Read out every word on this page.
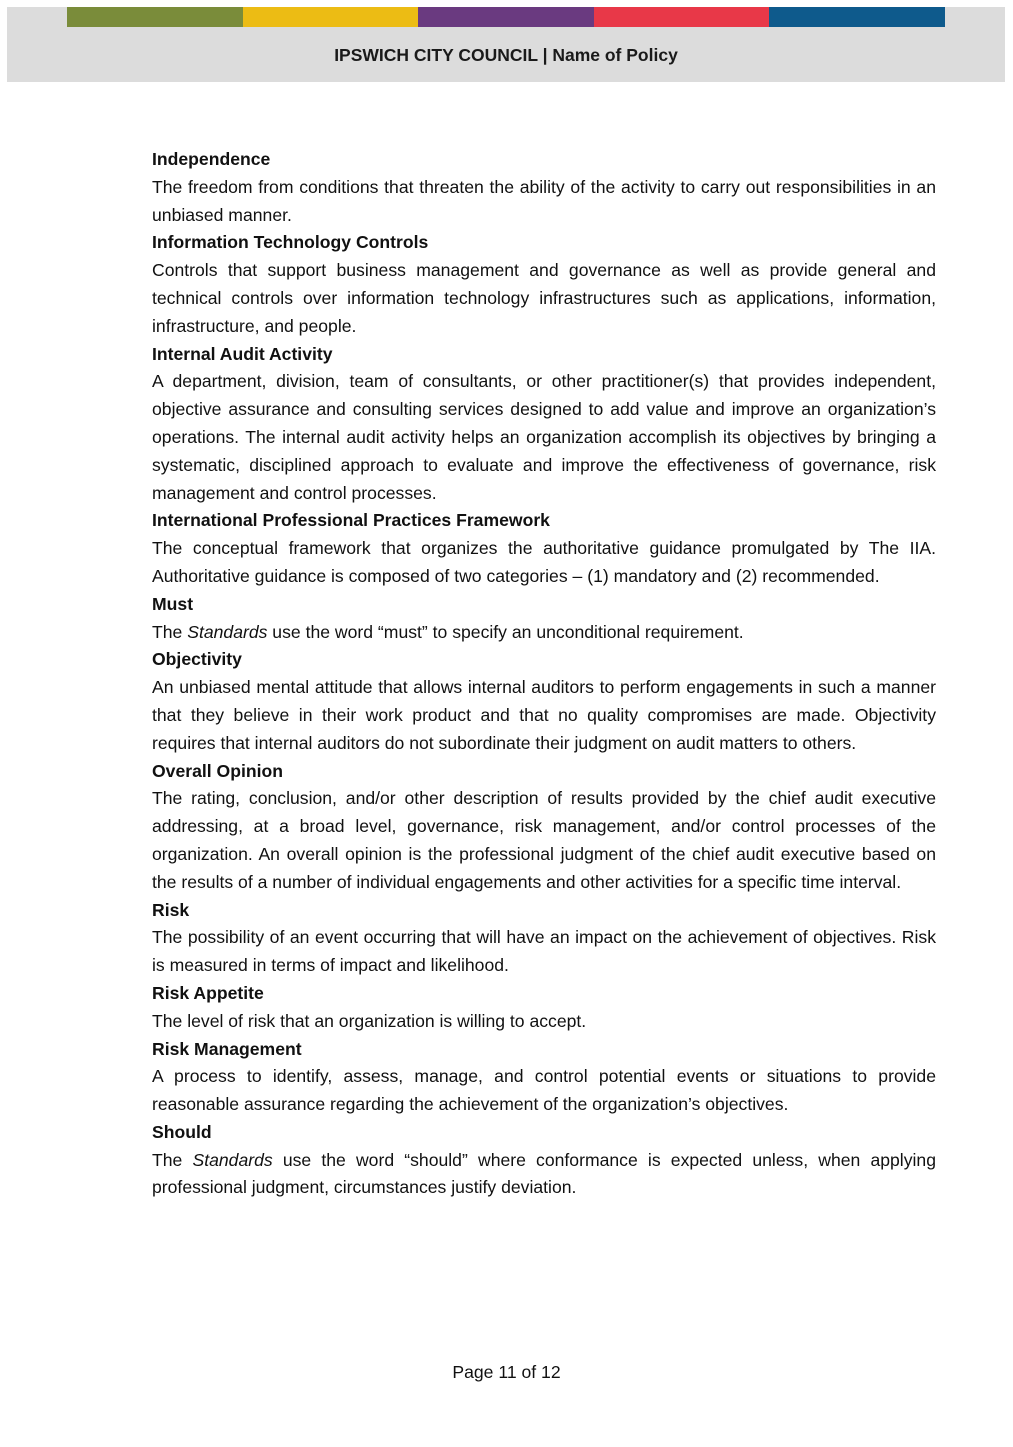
IPSWICH CITY COUNCIL | Name of Policy

Independence

The freedom from conditions that threaten the ability of the activity to carry out responsibilities in an unbiased manner.

Information Technology Controls

Controls that support business management and governance as well as provide general and technical controls over information technology infrastructures such as applications, information, infrastructure, and people.

Internal Audit Activity

A department, division, team of consultants, or other practitioner(s) that provides independent, objective assurance and consulting services designed to add value and improve an organization’s operations. The internal audit activity helps an organization accomplish its objectives by bringing a systematic, disciplined approach to evaluate and improve the effectiveness of governance, risk management and control processes.

International Professional Practices Framework

The conceptual framework that organizes the authoritative guidance promulgated by The IIA. Authoritative guidance is composed of two categories – (1) mandatory and (2) recommended.

Must

The Standards use the word “must” to specify an unconditional requirement.

Objectivity

An unbiased mental attitude that allows internal auditors to perform engagements in such a manner that they believe in their work product and that no quality compromises are made. Objectivity requires that internal auditors do not subordinate their judgment on audit matters to others.

Overall Opinion

The rating, conclusion, and/or other description of results provided by the chief audit executive addressing, at a broad level, governance, risk management, and/or control processes of the organization. An overall opinion is the professional judgment of the chief audit executive based on the results of a number of individual engagements and other activities for a specific time interval.

Risk

The possibility of an event occurring that will have an impact on the achievement of objectives. Risk is measured in terms of impact and likelihood.

Risk Appetite

The level of risk that an organization is willing to accept.

Risk Management

A process to identify, assess, manage, and control potential events or situations to provide reasonable assurance regarding the achievement of the organization’s objectives.

Should

The Standards use the word “should” where conformance is expected unless, when applying professional judgment, circumstances justify deviation.

Page 11 of 12
